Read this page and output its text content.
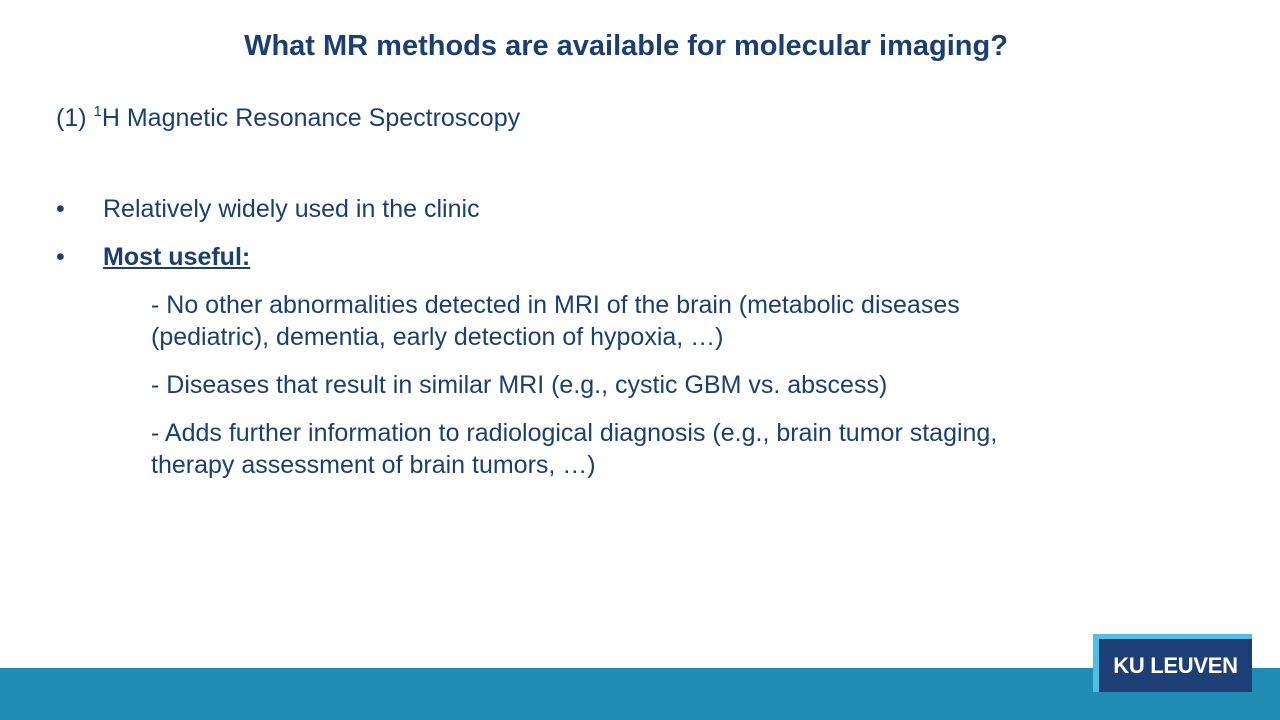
What MR methods are available for molecular imaging?
(1) $^1$H Magnetic Resonance Spectroscopy
• Relatively widely used in the clinic
• Most useful:
- No other abnormalities detected in MRI of the brain (metabolic diseases (pediatric), dementia, early detection of hypoxia, …)
- Diseases that result in similar MRI (e.g., cystic GBM vs. abscess)
- Adds further information to radiological diagnosis (e.g., brain tumor staging, therapy assessment of brain tumors, …)
KU LEUVEN
